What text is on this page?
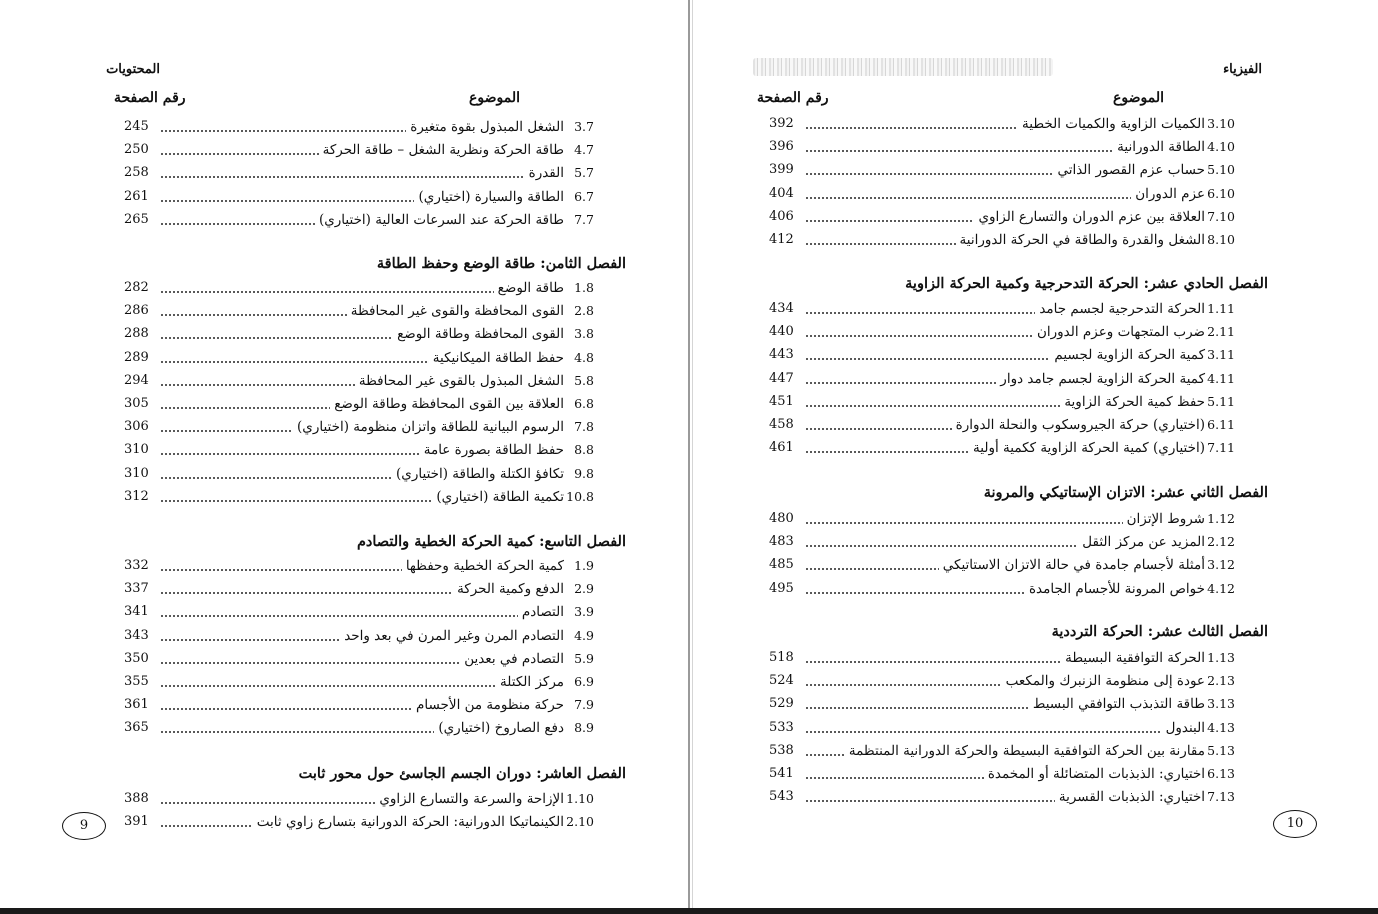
المحتويات
الموضوع
رقم الصفحة
3.7
الشغل المبذول بقوة متغيرة
245
4.7
طاقة الحركة ونظرية الشغل – طاقة الحركة
250
5.7
القدرة
258
6.7
الطاقة والسيارة (اختياري)
261
7.7
طاقة الحركة عند السرعات العالية (اختياري)
265
الفصل الثامن: طاقة الوضع وحفظ الطاقة
1.8
طاقة الوضع
282
2.8
القوى المحافظة والقوى غير المحافظة
286
3.8
القوى المحافظة وطاقة الوضع
288
4.8
حفظ الطاقة الميكانيكية
289
5.8
الشغل المبذول بالقوى غير المحافظة
294
6.8
العلاقة بين القوى المحافظة وطاقة الوضع
305
7.8
الرسوم البيانية للطاقة واتزان منظومة (اختياري)
306
8.8
حفظ الطاقة بصورة عامة
310
9.8
تكافؤ الكتلة والطاقة (اختياري)
310
10.8
تكمية الطاقة (اختياري)
312
الفصل التاسع: كمية الحركة الخطية والتصادم
1.9
كمية الحركة الخطية وحفظها
332
2.9
الدفع وكمية الحركة
337
3.9
التصادم
341
4.9
التصادم المرن وغير المرن في بعد واحد
343
5.9
التصادم في بعدين
350
6.9
مركز الكتلة
355
7.9
حركة منظومة من الأجسام
361
8.9
دفع الصاروخ (اختياري)
365
الفصل العاشر: دوران الجسم الجاسئ حول محور ثابت
1.10
الإزاحة والسرعة والتسارع الزاوي
388
2.10
الكينماتيكا الدورانية: الحركة الدورانية بتسارع زاوي ثابت
391
9
الفيزياء
الموضوع
رقم الصفحة
3.10
الكميات الزاوية والكميات الخطية
392
4.10
الطاقة الدورانية
396
5.10
حساب عزم القصور الذاتي
399
6.10
عزم الدوران
404
7.10
العلاقة بين عزم الدوران والتسارع الزاوي
406
8.10
الشغل والقدرة والطاقة في الحركة الدورانية
412
الفصل الحادي عشر: الحركة التدحرجية وكمية الحركة الزاوية
1.11
الحركة التدحرجية لجسم جامد
434
2.11
ضرب المتجهات وعزم الدوران
440
3.11
كمية الحركة الزاوية لجسيم
443
4.11
كمية الحركة الزاوية لجسم جامد دوار
447
5.11
حفظ كمية الحركة الزاوية
451
6.11
(اختياري) حركة الجيروسكوب والنحلة الدوارة
458
7.11
(اختياري) كمية الحركة الزاوية ككمية أولية
461
الفصل الثاني عشر: الاتزان الإستاتيكي والمرونة
1.12
شروط الإتزان
480
2.12
المزيد عن مركز الثقل
483
3.12
أمثلة لأجسام جامدة في حالة الاتزان الاستاتيكي
485
4.12
خواص المرونة للأجسام الجامدة
495
الفصل الثالث عشر: الحركة الترددية
1.13
الحركة التوافقية البسيطة
518
2.13
عودة إلى منظومة الزنبرك والمكعب
524
3.13
طاقة التذبذب التوافقي البسيط
529
4.13
البندول
533
5.13
مقارنة بين الحركة التوافقية البسيطة والحركة الدورانية المنتظمة
538
6.13
اختياري: الذبذبات المتضائلة أو المخمدة
541
7.13
اختياري: الذبذبات القسرية
543
10
